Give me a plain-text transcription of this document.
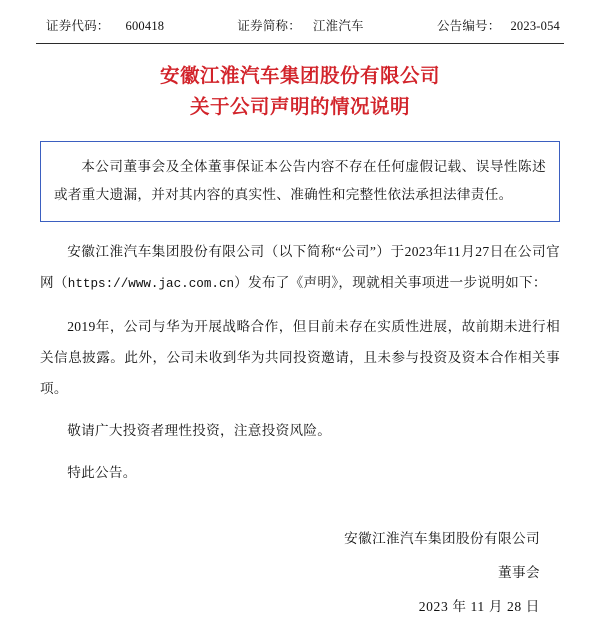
证券代码： 600418	证券简称： 江淮汽车	公告编号： 2023-054
安徽江淮汽车集团股份有限公司
关于公司声明的情况说明

本公司董事会及全体董事保证本公告内容不存在任何虚假记载、误导性陈述或者重大遗漏，并对其内容的真实性、准确性和完整性依法承担法律责任。

安徽江淮汽车集团股份有限公司（以下简称“公司”）于2023年11月27日在公司官网（https://www.jac.com.cn）发布了《声明》，现就相关事项进一步说明如下：

2019年，公司与华为开展战略合作，但目前未存在实质性进展，故前期未进行相关信息披露。此外，公司未收到华为共同投资邀请，且未参与投资及资本合作相关事项。

敬请广大投资者理性投资，注意投资风险。

特此公告。

安徽江淮汽车集团股份有限公司
董事会
2023 年 11 月 28 日
